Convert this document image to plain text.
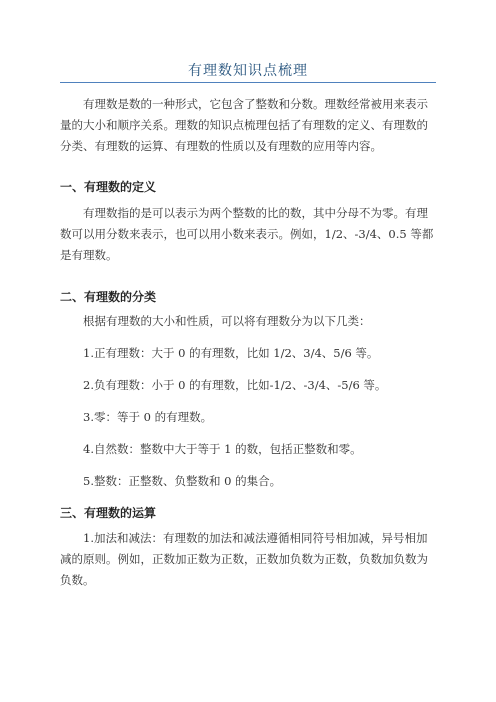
有理数知识点梳理

有理数是数的一种形式，它包含了整数和分数。理数经常被用来表示量的大小和顺序关系。理数的知识点梳理包括了有理数的定义、有理数的分类、有理数的运算、有理数的性质以及有理数的应用等内容。

一、有理数的定义

有理数指的是可以表示为两个整数的比的数，其中分母不为零。有理数可以用分数来表示，也可以用小数来表示。例如，1/2、-3/4、0.5 等都是有理数。

二、有理数的分类

根据有理数的大小和性质，可以将有理数分为以下几类：

1.正有理数：大于 0 的有理数，比如 1/2、3/4、5/6 等。

2.负有理数：小于 0 的有理数，比如-1/2、-3/4、-5/6 等。

3.零：等于 0 的有理数。

4.自然数：整数中大于等于 1 的数，包括正整数和零。

5.整数：正整数、负整数和 0 的集合。

三、有理数的运算

1.加法和减法：有理数的加法和减法遵循相同符号相加减，异号相加减的原则。例如，正数加正数为正数，正数加负数为正数，负数加负数为负数。
